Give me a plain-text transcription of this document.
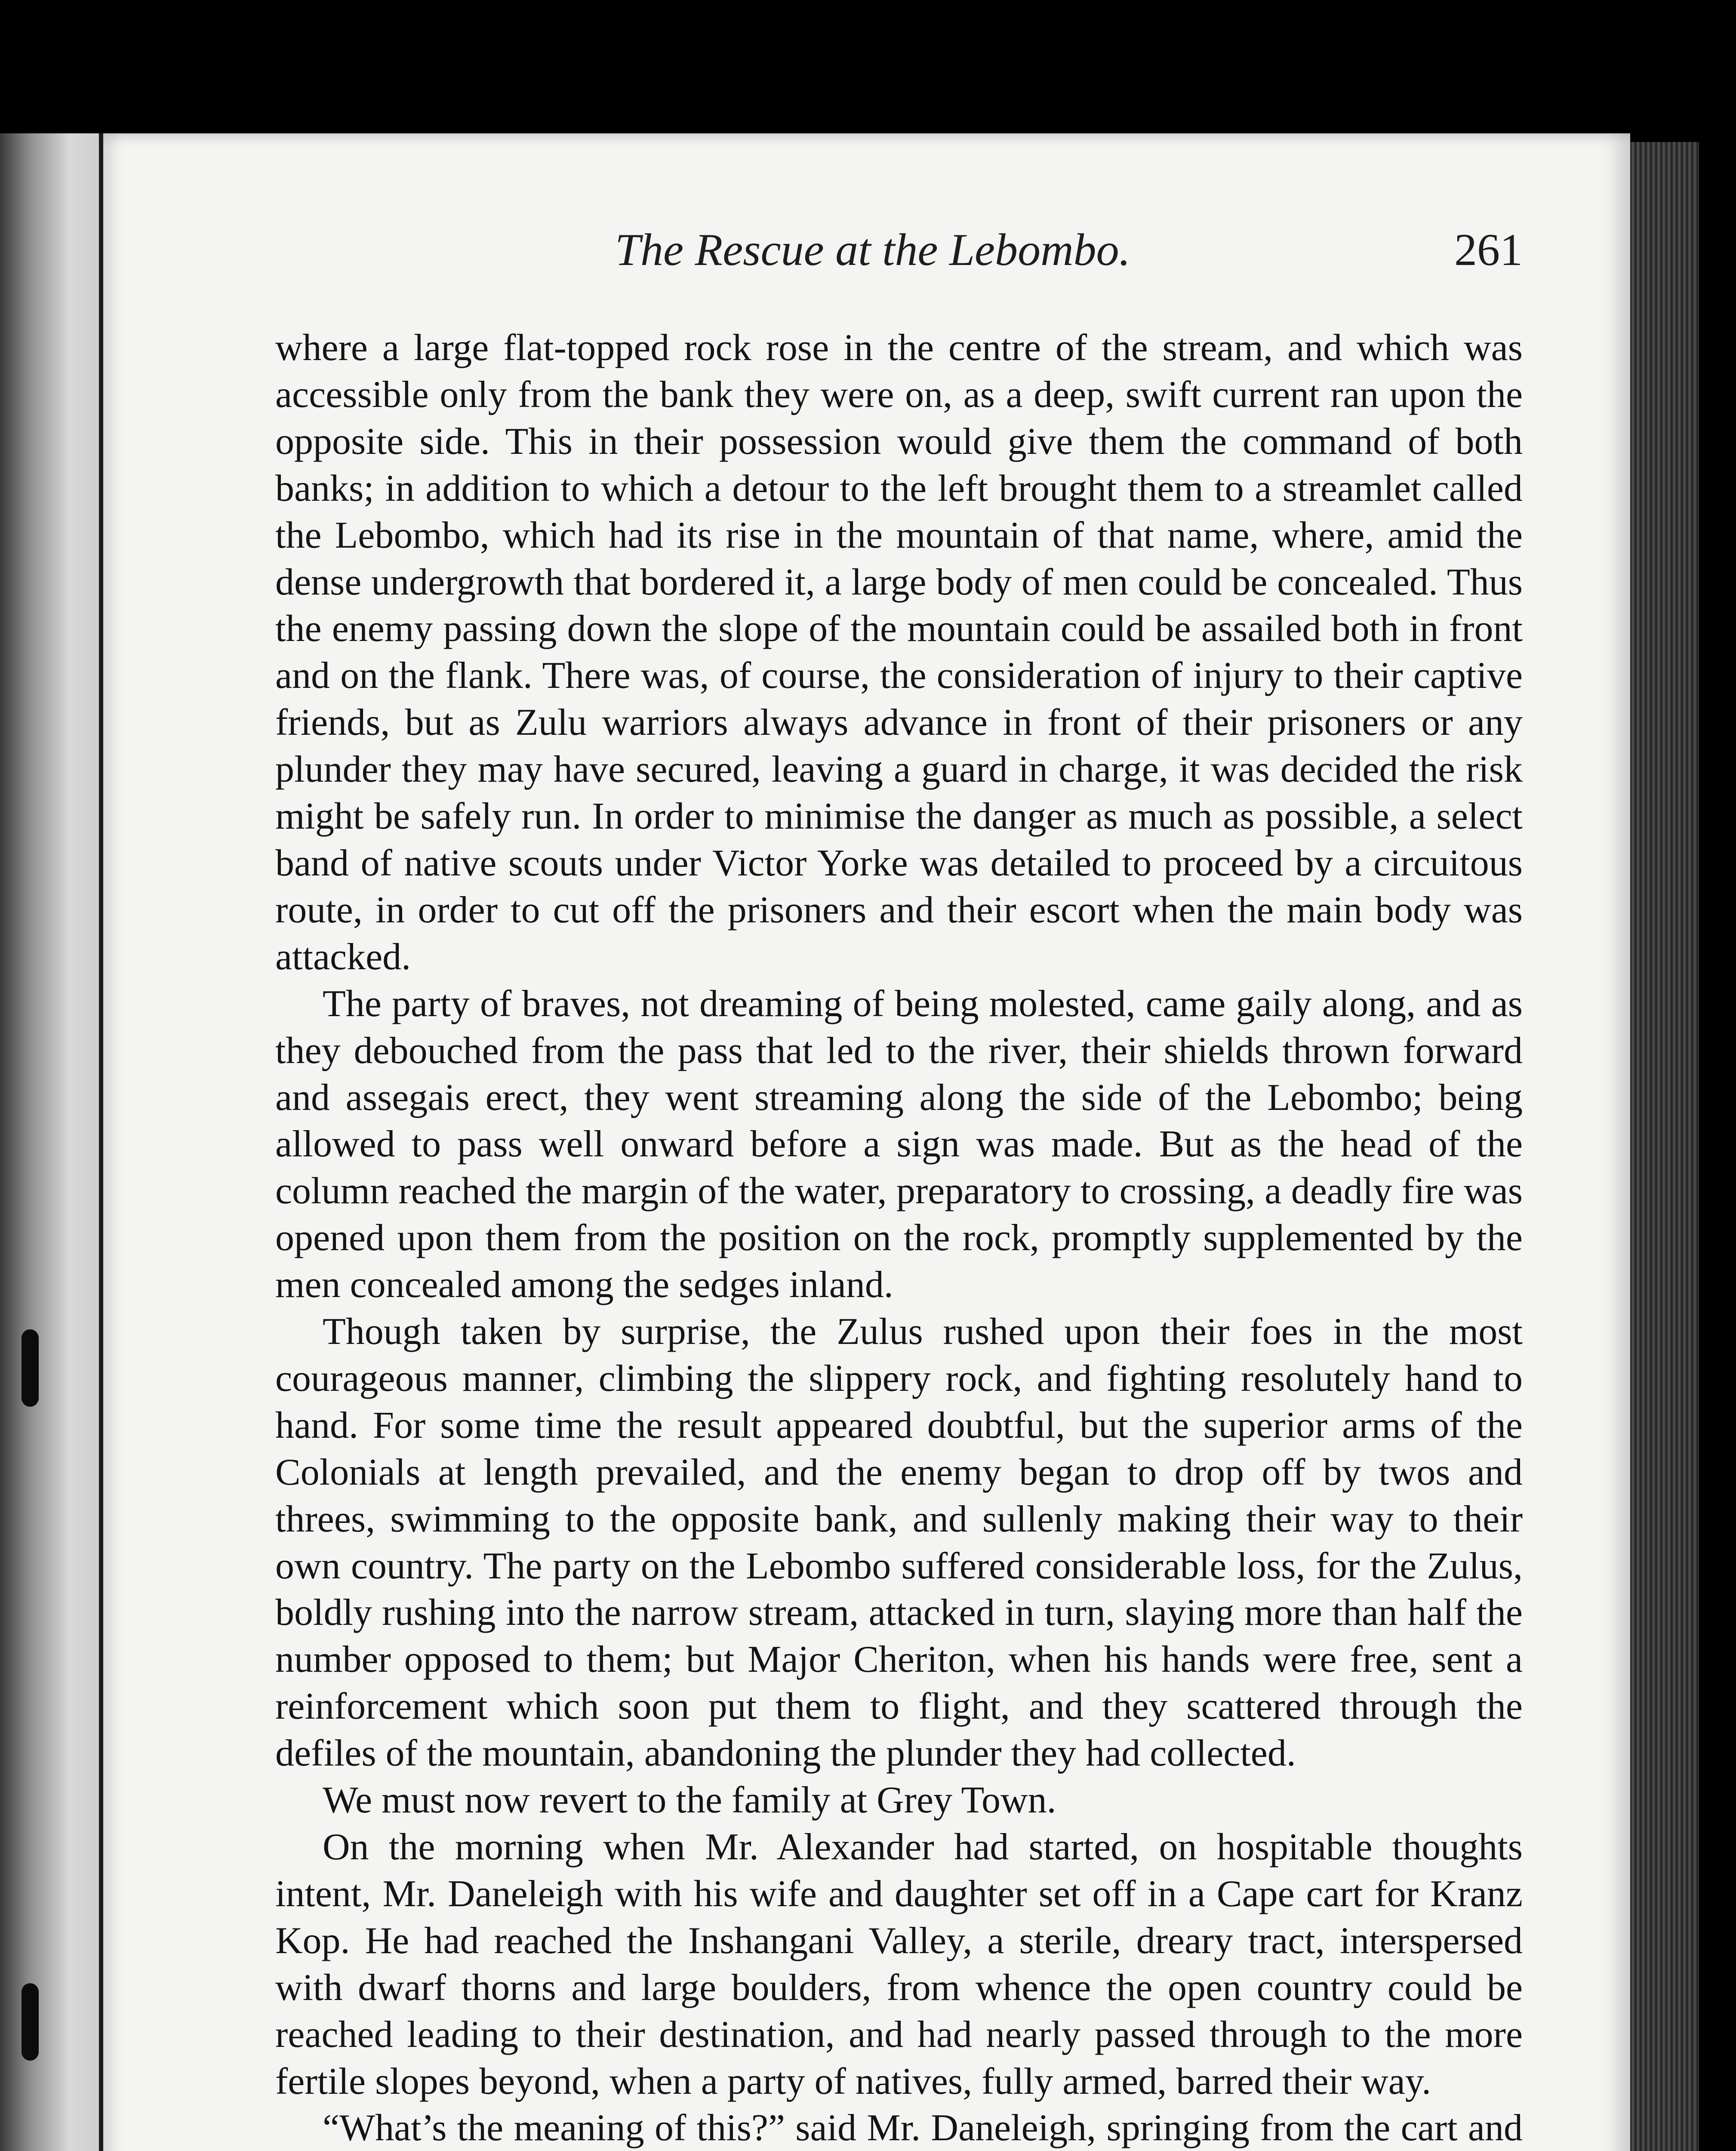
The Rescue at the Lebombo.	261

where a large flat-topped rock rose in the centre of the stream, and which was accessible only from the bank they were on, as a deep, swift current ran upon the opposite side. This in their possession would give them the command of both banks; in addition to which a detour to the left brought them to a streamlet called the Lebombo, which had its rise in the mountain of that name, where, amid the dense undergrowth that bordered it, a large body of men could be concealed. Thus the enemy passing down the slope of the mountain could be assailed both in front and on the flank. There was, of course, the consideration of injury to their captive friends, but as Zulu warriors always advance in front of their prisoners or any plunder they may have secured, leaving a guard in charge, it was decided the risk might be safely run. In order to minimise the danger as much as possible, a select band of native scouts under Victor Yorke was detailed to proceed by a circuitous route, in order to cut off the prisoners and their escort when the main body was attacked.

The party of braves, not dreaming of being molested, came gaily along, and as they debouched from the pass that led to the river, their shields thrown forward and assegais erect, they went streaming along the side of the Lebombo; being allowed to pass well onward before a sign was made. But as the head of the column reached the margin of the water, preparatory to crossing, a deadly fire was opened upon them from the position on the rock, promptly supplemented by the men concealed among the sedges inland.

Though taken by surprise, the Zulus rushed upon their foes in the most courageous manner, climbing the slippery rock, and fighting resolutely hand to hand. For some time the result appeared doubtful, but the superior arms of the Colonials at length prevailed, and the enemy began to drop off by twos and threes, swimming to the opposite bank, and sullenly making their way to their own country. The party on the Lebombo suffered considerable loss, for the Zulus, boldly rushing into the narrow stream, attacked in turn, slaying more than half the number opposed to them; but Major Cheriton, when his hands were free, sent a reinforcement which soon put them to flight, and they scattered through the defiles of the mountain, abandoning the plunder they had collected.

We must now revert to the family at Grey Town.

On the morning when Mr. Alexander had started, on hospitable thoughts intent, Mr. Daneleigh with his wife and daughter set off in a Cape cart for Kranz Kop. He had reached the Inshangani Valley, a sterile, dreary tract, interspersed with dwarf thorns and large boulders, from whence the open country could be reached leading to their destination, and had nearly passed through to the more fertile slopes beyond, when a party of natives, fully armed, barred their way.

“What’s the meaning of this?” said Mr. Daneleigh, springing from the cart and
